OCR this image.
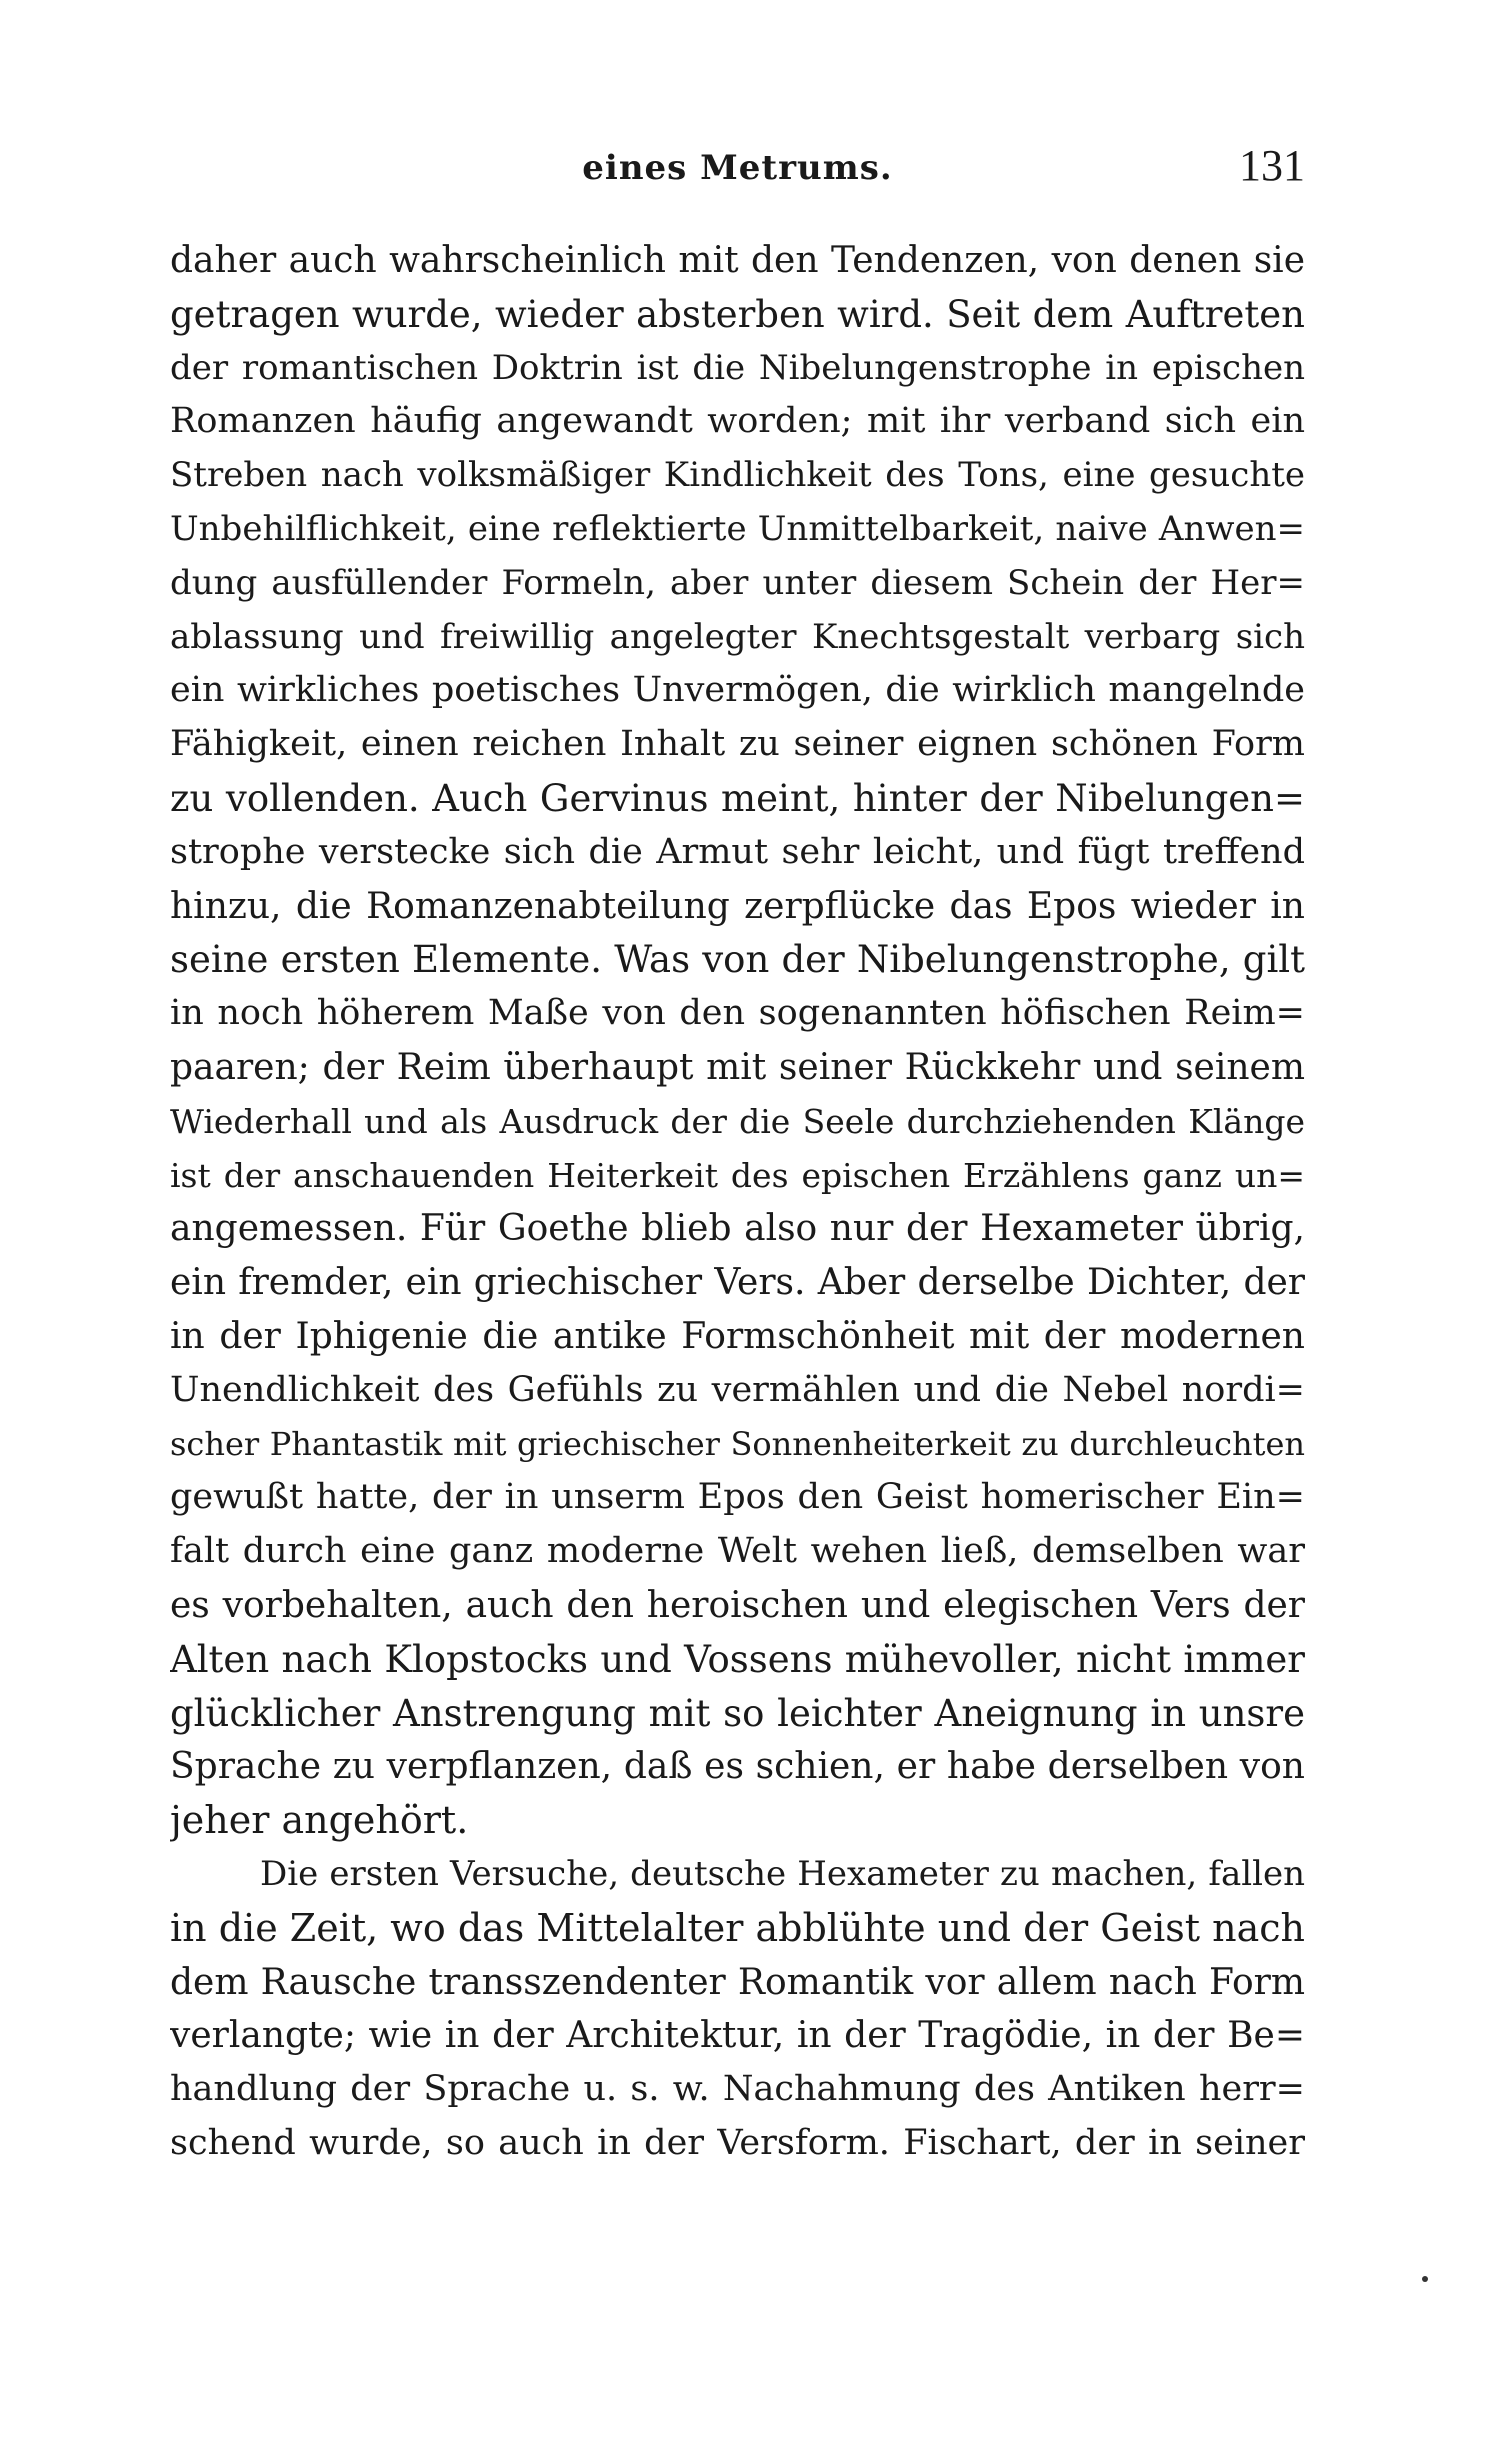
eines Metrums.	131
daher auch wahrscheinlich mit den Tendenzen, von denen sie
getragen wurde, wieder absterben wird. Seit dem Auftreten
der romantischen Doktrin ist die Nibelungenstrophe in epischen
Romanzen häufig angewandt worden; mit ihr verband sich ein
Streben nach volksmäßiger Kindlichkeit des Tons, eine gesuchte
Unbehilflichkeit, eine reflektierte Unmittelbarkeit, naive Anwen=
dung ausfüllender Formeln, aber unter diesem Schein der Her=
ablassung und freiwillig angelegter Knechtsgestalt verbarg sich
ein wirkliches poetisches Unvermögen, die wirklich mangelnde
Fähigkeit, einen reichen Inhalt zu seiner eignen schönen Form
zu vollenden. Auch Gervinus meint, hinter der Nibelungen=
strophe verstecke sich die Armut sehr leicht, und fügt treffend
hinzu, die Romanzenabteilung zerpflücke das Epos wieder in
seine ersten Elemente. Was von der Nibelungenstrophe, gilt
in noch höherem Maße von den sogenannten höfischen Reim=
paaren; der Reim überhaupt mit seiner Rückkehr und seinem
Wiederhall und als Ausdruck der die Seele durchziehenden Klänge
ist der anschauenden Heiterkeit des epischen Erzählens ganz un=
angemessen. Für Goethe blieb also nur der Hexameter übrig,
ein fremder, ein griechischer Vers. Aber derselbe Dichter, der
in der Iphigenie die antike Formschönheit mit der modernen
Unendlichkeit des Gefühls zu vermählen und die Nebel nordi=
scher Phantastik mit griechischer Sonnenheiterkeit zu durchleuchten
gewußt hatte, der in unserm Epos den Geist homerischer Ein=
falt durch eine ganz moderne Welt wehen ließ, demselben war
es vorbehalten, auch den heroischen und elegischen Vers der
Alten nach Klopstocks und Vossens mühevoller, nicht immer
glücklicher Anstrengung mit so leichter Aneignung in unsre
Sprache zu verpflanzen, daß es schien, er habe derselben von
jeher angehört.
Die ersten Versuche, deutsche Hexameter zu machen, fallen
in die Zeit, wo das Mittelalter abblühte und der Geist nach
dem Rausche transszendenter Romantik vor allem nach Form
verlangte; wie in der Architektur, in der Tragödie, in der Be=
handlung der Sprache u. s. w. Nachahmung des Antiken herr=
schend wurde, so auch in der Versform. Fischart, der in seiner
